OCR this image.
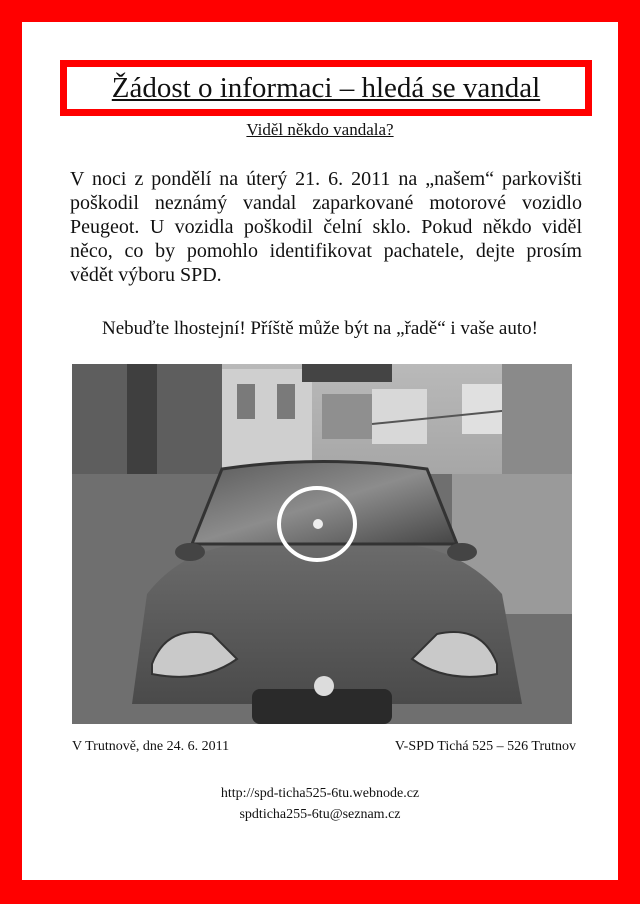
Žádost o informaci – hledá se vandal
Viděl někdo vandala?

V noci z pondělí na úterý 21. 6. 2011 na „našem“ parkovišti poškodil neznámý vandal zaparkované motorové vozidlo Peugeot. U vozidla poškodil čelní sklo. Pokud někdo viděl něco, co by pomohlo identifikovat pachatele, dejte prosím vědět výboru SPD.

Nebuďte lhostejní! Příště může být na „řadě“ i vaše auto!
V Trutnově, dne 24. 6. 2011	V-SPD Tichá 525 – 526 Trutnov
http://spd-ticha525-6tu.webnode.cz
spdticha255-6tu@seznam.cz
